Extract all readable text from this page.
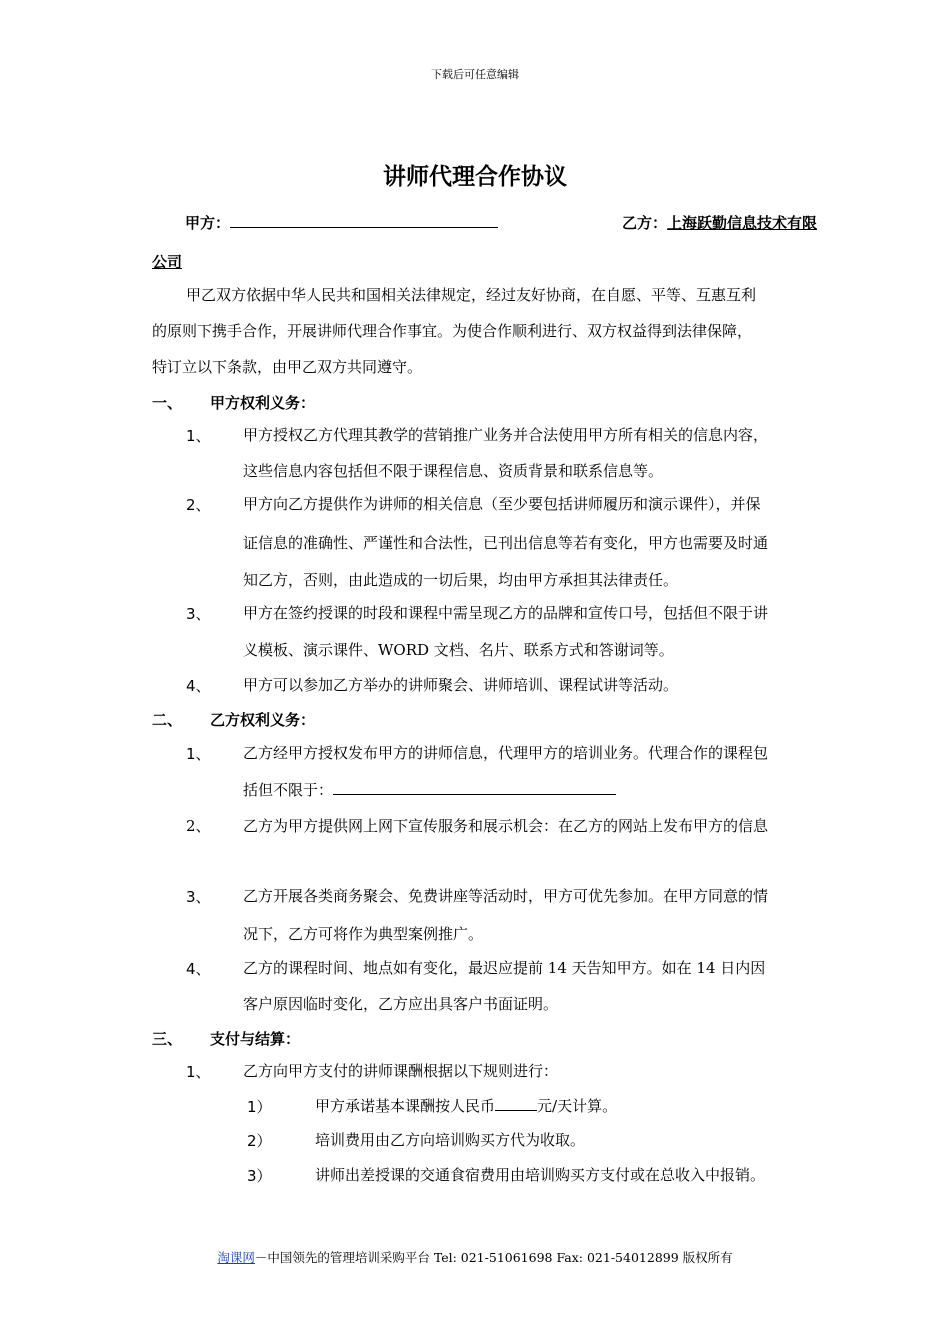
下载后可任意编辑
讲师代理合作协议
甲方：	乙方：上海跃勤信息技术有限
公司
甲乙双方依据中华人民共和国相关法律规定，经过友好协商，在自愿、平等、互惠互利
的原则下携手合作，开展讲师代理合作事宜。为使合作顺利进行、双方权益得到法律保障，
特订立以下条款，由甲乙双方共同遵守。
一、 甲方权利义务：
1、 甲方授权乙方代理其教学的营销推广业务并合法使用甲方所有相关的信息内容，
这些信息内容包括但不限于课程信息、资质背景和联系信息等。
2、 甲方向乙方提供作为讲师的相关信息（至少要包括讲师履历和演示课件），并保
证信息的准确性、严谨性和合法性，已刊出信息等若有变化，甲方也需要及时通
知乙方，否则，由此造成的一切后果，均由甲方承担其法律责任。
3、 甲方在签约授课的时段和课程中需呈现乙方的品牌和宣传口号，包括但不限于讲
义模板、演示课件、WORD 文档、名片、联系方式和答谢词等。
4、 甲方可以参加乙方举办的讲师聚会、讲师培训、课程试讲等活动。
二、 乙方权利义务：
1、 乙方经甲方授权发布甲方的讲师信息，代理甲方的培训业务。代理合作的课程包
括但不限于：
2、 乙方为甲方提供网上网下宣传服务和展示机会：在乙方的网站上发布甲方的信息
3、 乙方开展各类商务聚会、免费讲座等活动时，甲方可优先参加。在甲方同意的情
况下，乙方可将作为典型案例推广。
4、 乙方的课程时间、地点如有变化，最迟应提前 14 天告知甲方。如在 14 日内因
客户原因临时变化，乙方应出具客户书面证明。
三、 支付与结算：
1、 乙方向甲方支付的讲师课酬根据以下规则进行：
1）	甲方承诺基本课酬按人民币	元/天计算。
2）	培训费用由乙方向培训购买方代为收取。
3）	讲师出差授课的交通食宿费用由培训购买方支付或在总收入中报销。
淘课网－中国领先的管理培训采购平台 Tel: 021-51061698 Fax: 021-54012899 版权所有
